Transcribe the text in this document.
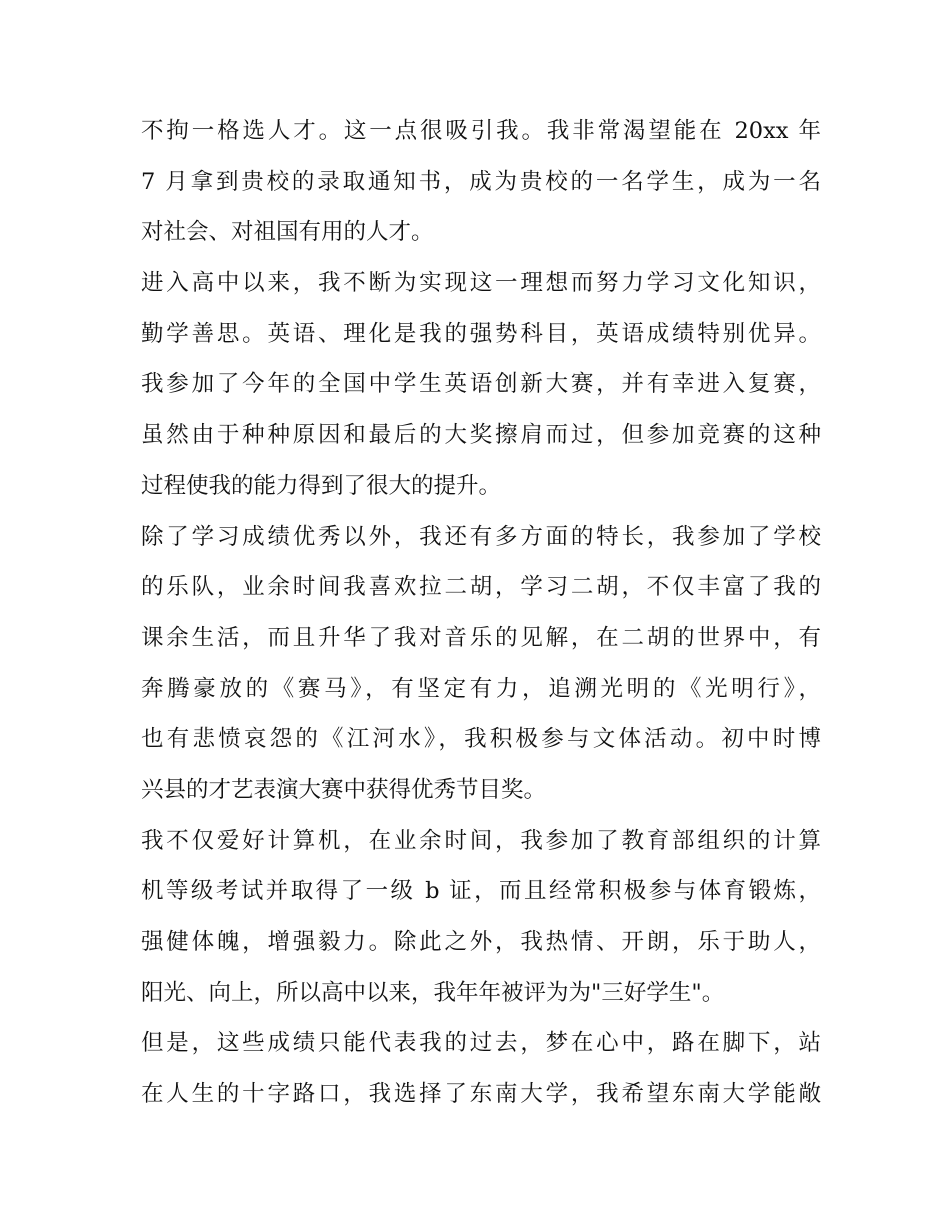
不拘一格选人才。这一点很吸引我。我非常渴望能在 20xx 年
7 月拿到贵校的录取通知书，成为贵校的一名学生，成为一名
对社会、对祖国有用的人才。
进入高中以来，我不断为实现这一理想而努力学习文化知识，
勤学善思。英语、理化是我的强势科目，英语成绩特别优异。
我参加了今年的全国中学生英语创新大赛，并有幸进入复赛，
虽然由于种种原因和最后的大奖擦肩而过，但参加竞赛的这种
过程使我的能力得到了很大的提升。
除了学习成绩优秀以外，我还有多方面的特长，我参加了学校
的乐队，业余时间我喜欢拉二胡，学习二胡，不仅丰富了我的
课余生活，而且升华了我对音乐的见解，在二胡的世界中，有
奔腾豪放的《赛马》，有坚定有力，追溯光明的《光明行》，
也有悲愤哀怨的《江河水》，我积极参与文体活动。初中时博
兴县的才艺表演大赛中获得优秀节目奖。
我不仅爱好计算机，在业余时间，我参加了教育部组织的计算
机等级考试并取得了一级 b 证，而且经常积极参与体育锻炼，
强健体魄，增强毅力。除此之外，我热情、开朗，乐于助人，
阳光、向上，所以高中以来，我年年被评为为"三好学生"。
但是，这些成绩只能代表我的过去，梦在心中，路在脚下，站
在人生的十字路口，我选择了东南大学，我希望东南大学能敞
